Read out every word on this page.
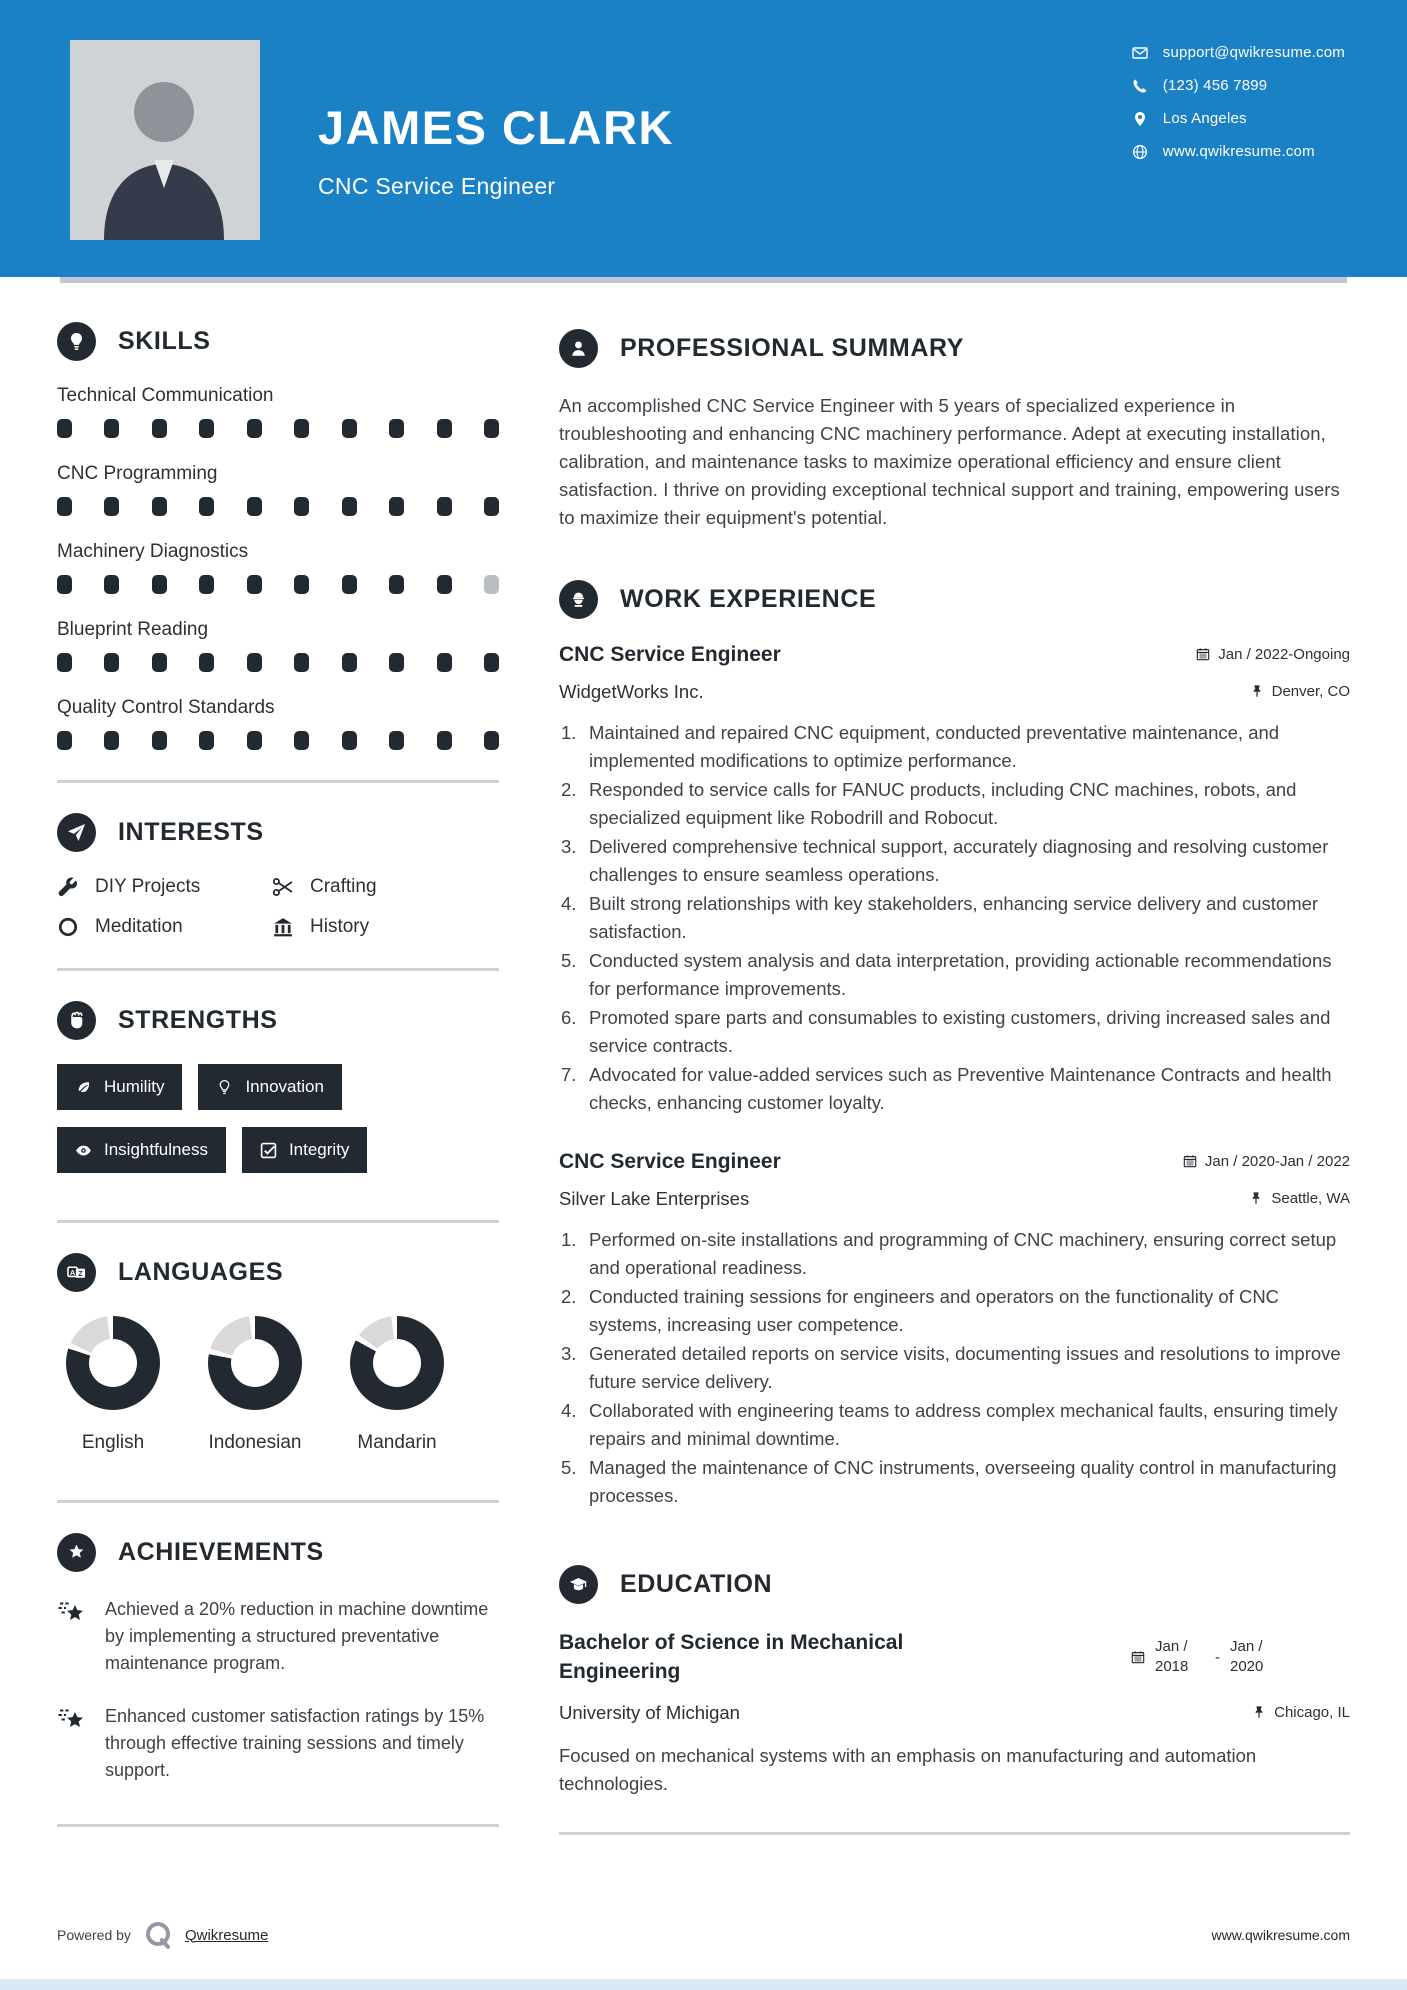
JAMES CLARK
CNC Service Engineer
support@qwikresume.com
(123) 456 7899
Los Angeles
www.qwikresume.com
SKILLS
Technical Communication
CNC Programming
Machinery Diagnostics
Blueprint Reading
Quality Control Standards
INTERESTS
DIY Projects	Crafting
Meditation	History
STRENGTHS
Humility	Innovation
Insightfulness	Integrity
A Z LANGUAGES
English	Indonesian	Mandarin
ACHIEVEMENTS
Achieved a 20% reduction in machine downtime by implementing a structured preventative maintenance program.
Enhanced customer satisfaction ratings by 15% through effective training sessions and timely support.
PROFESSIONAL SUMMARY

An accomplished CNC Service Engineer with 5 years of specialized experience in troubleshooting and enhancing CNC machinery performance. Adept at executing installation, calibration, and maintenance tasks to maximize operational efficiency and ensure client satisfaction. I thrive on providing exceptional technical support and training, empowering users to maximize their equipment's potential.

WORK EXPERIENCE
CNC Service Engineer	Jan / 2022-Ongoing
WidgetWorks Inc.	Denver, CO
Maintained and repaired CNC equipment, conducted preventative maintenance, and implemented modifications to optimize performance.
Responded to service calls for FANUC products, including CNC machines, robots, and specialized equipment like Robodrill and Robocut.
Delivered comprehensive technical support, accurately diagnosing and resolving customer challenges to ensure seamless operations.
Built strong relationships with key stakeholders, enhancing service delivery and customer satisfaction.
Conducted system analysis and data interpretation, providing actionable recommendations for performance improvements.
Promoted spare parts and consumables to existing customers, driving increased sales and service contracts.
Advocated for value-added services such as Preventive Maintenance Contracts and health checks, enhancing customer loyalty.
CNC Service Engineer	Jan / 2020-Jan / 2022
Silver Lake Enterprises	Seattle, WA
Performed on-site installations and programming of CNC machinery, ensuring correct setup and operational readiness.
Conducted training sessions for engineers and operators on the functionality of CNC systems, increasing user competence.
Generated detailed reports on service visits, documenting issues and resolutions to improve future service delivery.
Collaborated with engineering teams to address complex mechanical faults, ensuring timely repairs and minimal downtime.
Managed the maintenance of CNC instruments, overseeing quality control in manufacturing processes.
EDUCATION
Bachelor of Science in Mechanical Engineering
Jan / 2018
-
Jan / 2020
University of Michigan	Chicago, IL

Focused on mechanical systems with an emphasis on manufacturing and automation technologies.

Powered by	Qwikresume	www.qwikresume.com
